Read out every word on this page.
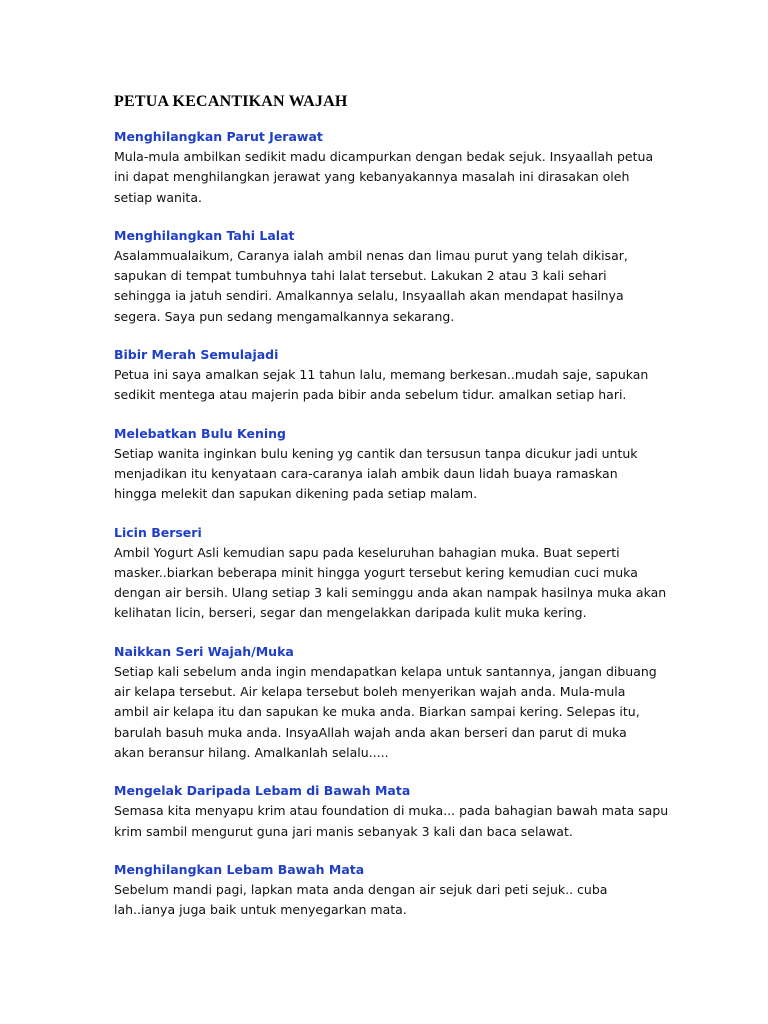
PETUA KECANTIKAN WAJAH

Menghilangkan Parut Jerawat

Mula-mula ambilkan sedikit madu dicampurkan dengan bedak sejuk. Insyaallah petua
ini dapat menghilangkan jerawat yang kebanyakannya masalah ini dirasakan oleh
setiap wanita.

Menghilangkan Tahi Lalat

Asalammualaikum, Caranya ialah ambil nenas dan limau purut yang telah dikisar,
sapukan di tempat tumbuhnya tahi lalat tersebut. Lakukan 2 atau 3 kali sehari
sehingga ia jatuh sendiri. Amalkannya selalu, Insyaallah akan mendapat hasilnya
segera. Saya pun sedang mengamalkannya sekarang.

Bibir Merah Semulajadi

Petua ini saya amalkan sejak 11 tahun lalu, memang berkesan..mudah saje, sapukan
sedikit mentega atau majerin pada bibir anda sebelum tidur. amalkan setiap hari.

Melebatkan Bulu Kening

Setiap wanita inginkan bulu kening yg cantik dan tersusun tanpa dicukur jadi untuk
menjadikan itu kenyataan cara-caranya ialah ambik daun lidah buaya ramaskan
hingga melekit dan sapukan dikening pada setiap malam.

Licin Berseri

Ambil Yogurt Asli kemudian sapu pada keseluruhan bahagian muka. Buat seperti
masker..biarkan beberapa minit hingga yogurt tersebut kering kemudian cuci muka
dengan air bersih. Ulang setiap 3 kali seminggu anda akan nampak hasilnya muka akan
kelihatan licin, berseri, segar dan mengelakkan daripada kulit muka kering.

Naikkan Seri Wajah/Muka

Setiap kali sebelum anda ingin mendapatkan kelapa untuk santannya, jangan dibuang
air kelapa tersebut. Air kelapa tersebut boleh menyerikan wajah anda. Mula-mula
ambil air kelapa itu dan sapukan ke muka anda. Biarkan sampai kering. Selepas itu,
barulah basuh muka anda. InsyaAllah wajah anda akan berseri dan parut di muka
akan beransur hilang. Amalkanlah selalu.....

Mengelak Daripada Lebam di Bawah Mata

Semasa kita menyapu krim atau foundation di muka... pada bahagian bawah mata sapu
krim sambil mengurut guna jari manis sebanyak 3 kali dan baca selawat.

Menghilangkan Lebam Bawah Mata

Sebelum mandi pagi, lapkan mata anda dengan air sejuk dari peti sejuk.. cuba
lah..ianya juga baik untuk menyegarkan mata.
